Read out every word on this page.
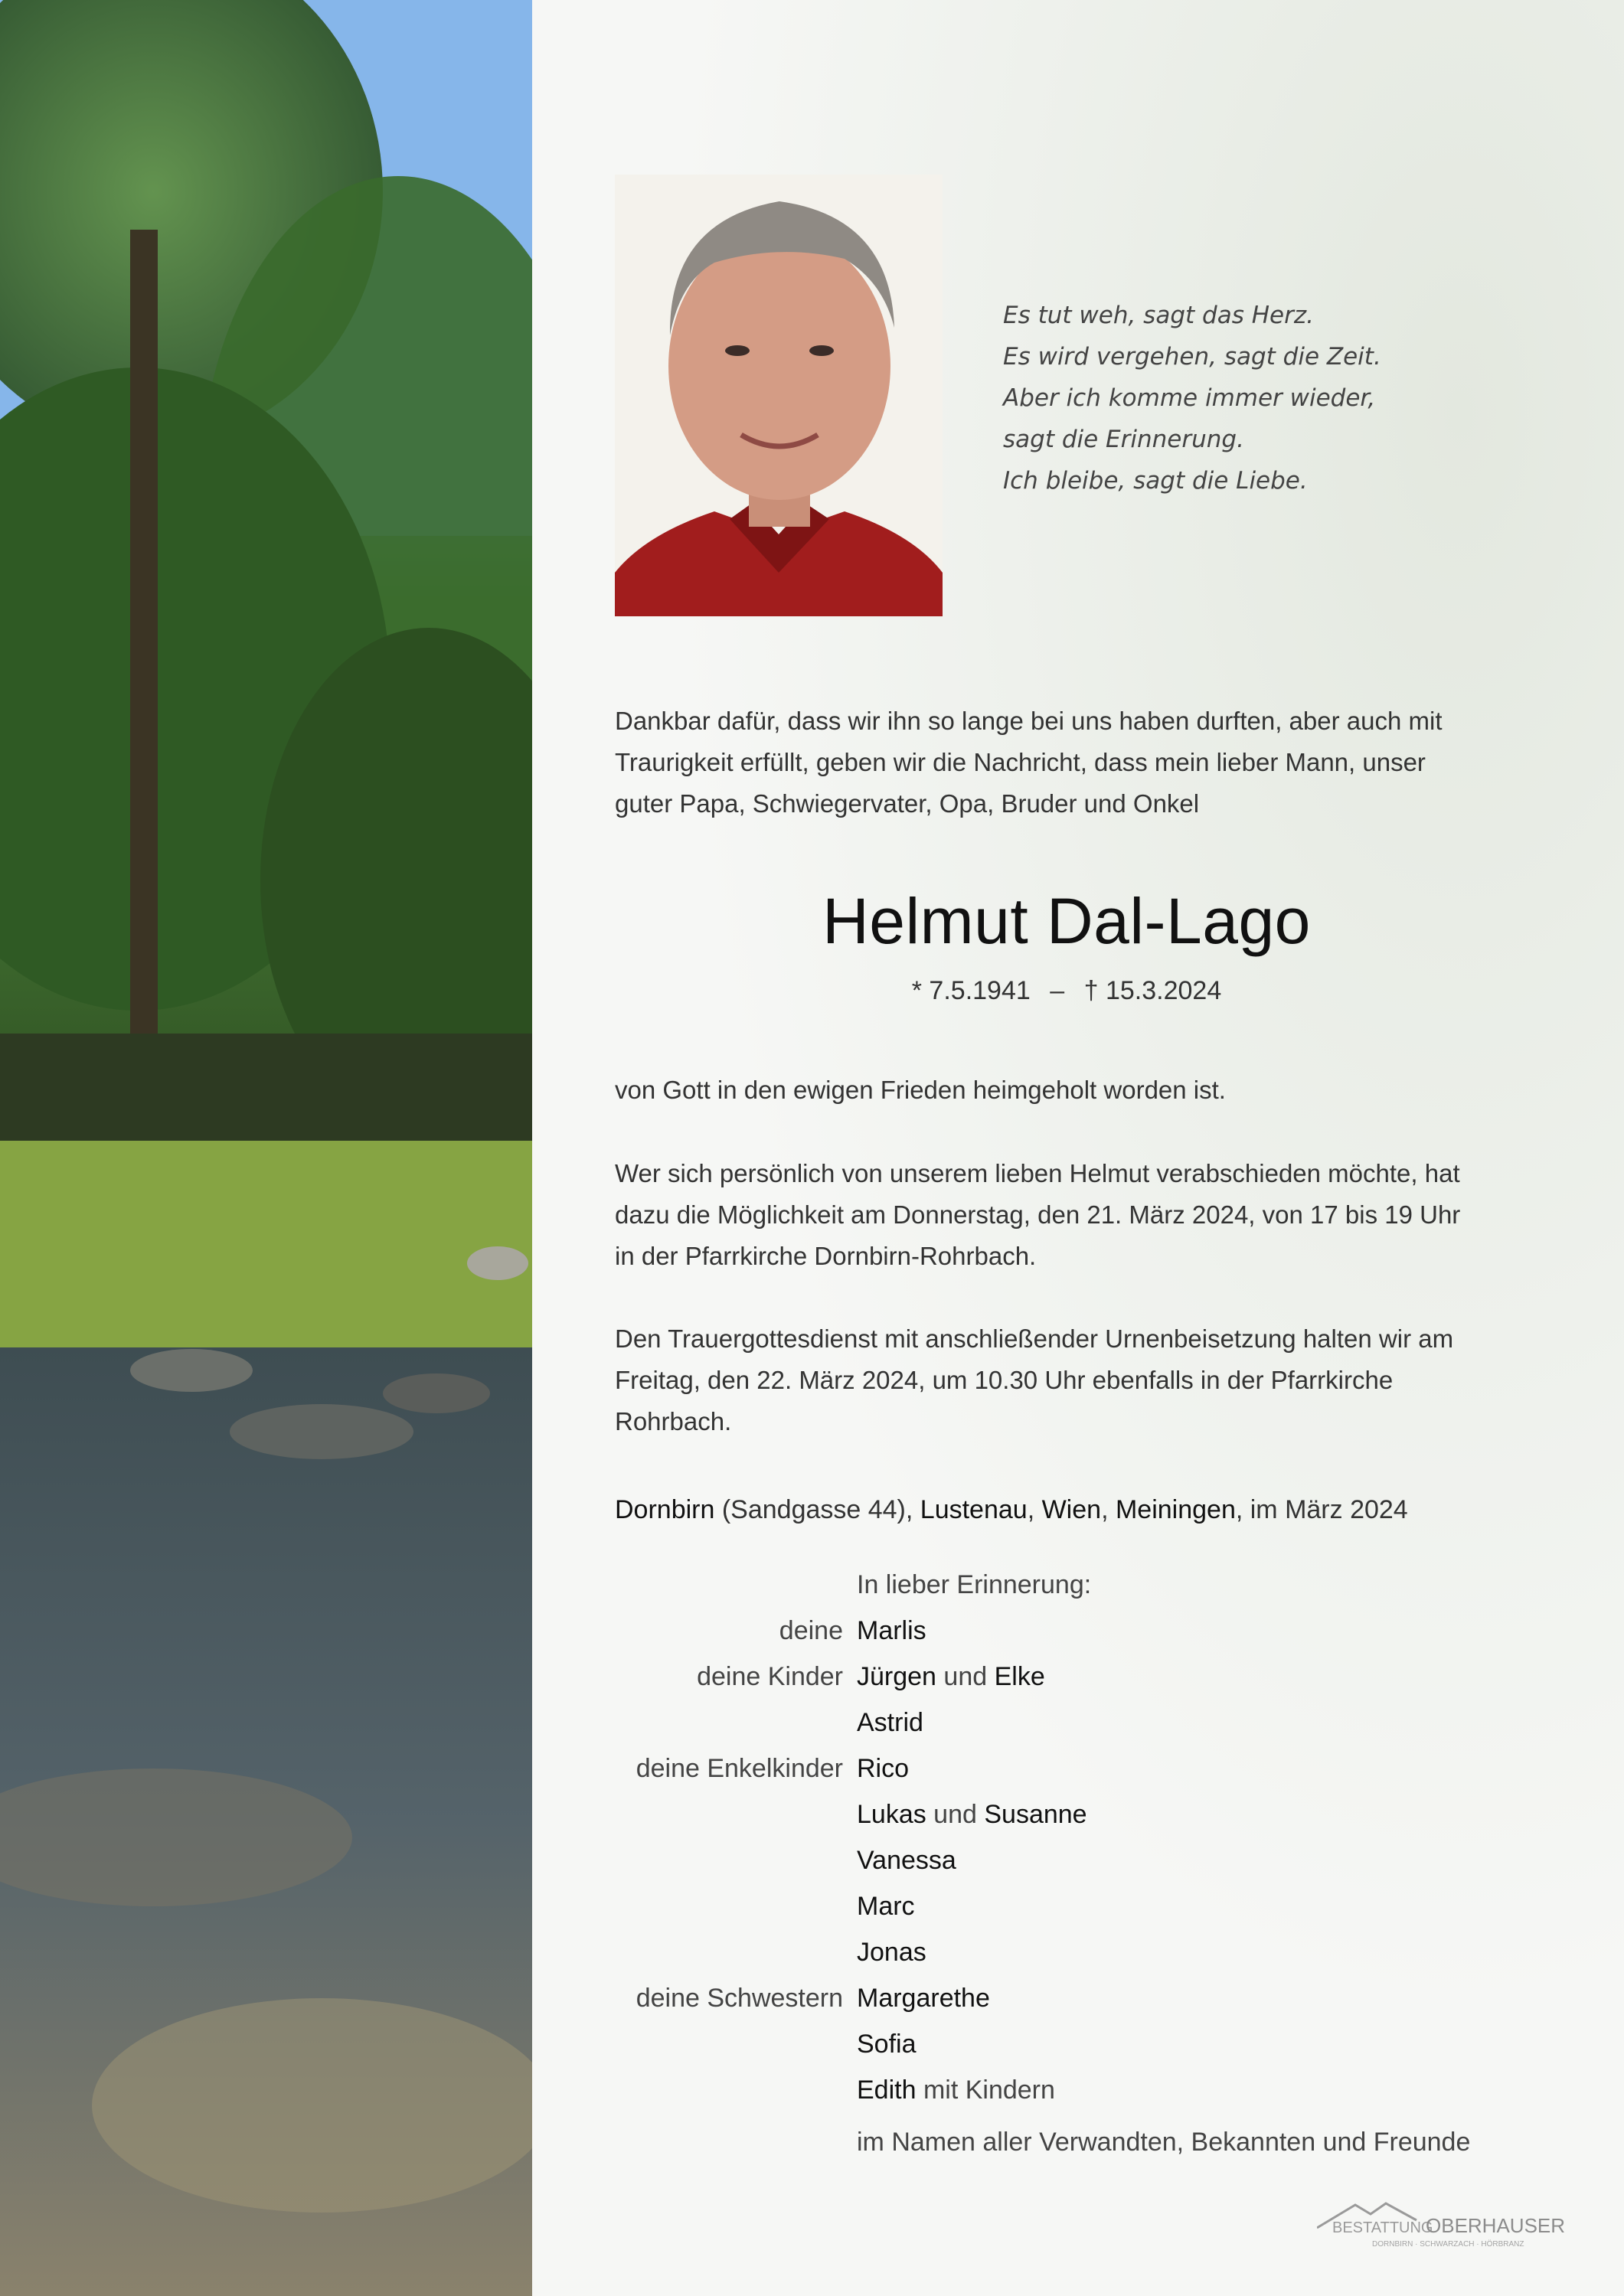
Es tut weh, sagt das Herz.
Es wird vergehen, sagt die Zeit.
Aber ich komme immer wieder,
sagt die Erinnerung.
Ich bleibe, sagt die Liebe.
Dankbar dafür, dass wir ihn so lange bei uns haben durften, aber auch mit
Traurigkeit erfüllt, geben wir die Nachricht, dass mein lieber Mann, unser
guter Papa, Schwiegervater, Opa, Bruder und Onkel
Helmut Dal-Lago
* 7.5.1941 – † 15.3.2024
von Gott in den ewigen Frieden heimgeholt worden ist.
Wer sich persönlich von unserem lieben Helmut verabschieden möchte, hat
dazu die Möglichkeit am Donnerstag, den 21. März 2024, von 17 bis 19 Uhr
in der Pfarrkirche Dornbirn-Rohrbach.
Den Trauergottesdienst mit anschließender Urnenbeisetzung halten wir am
Freitag, den 22. März 2024, um 10.30 Uhr ebenfalls in der Pfarrkirche
Rohrbach.
Dornbirn (Sandgasse 44), Lustenau, Wien, Meiningen, im März 2024
In lieber Erinnerung:
deine Marlis
deine Kinder Jürgen und Elke
Astrid
deine Enkelkinder Rico
Lukas und Susanne
Vanessa
Marc
Jonas
deine Schwestern Margarethe
Sofia
Edith mit Kindern
im Namen aller Verwandten, Bekannten und Freunde
BESTATTUNG
OBERHAUSER
DORNBIRN · SCHWARZACH · HÖRBRANZ
